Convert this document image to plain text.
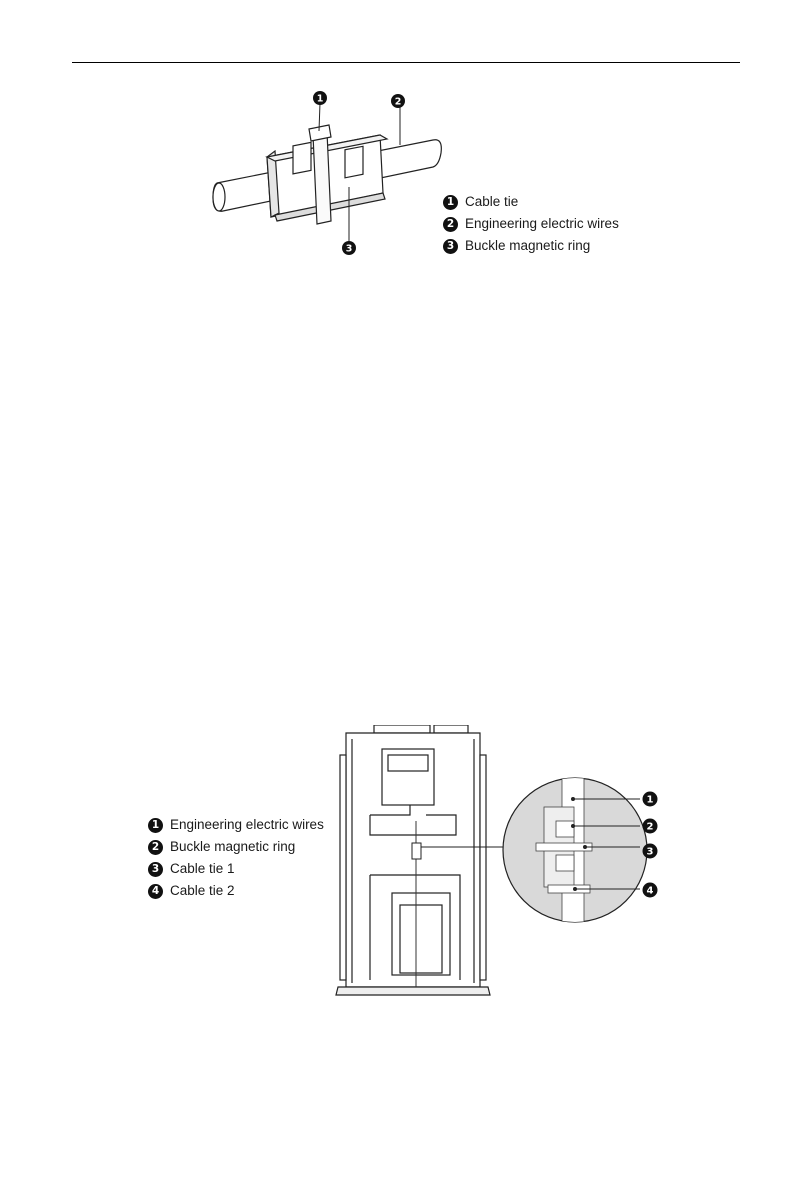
1	2
3
1 Cable tie
2 Engineering electric wires
3 Buckle magnetic ring
1 Engineering electric wires
2 Buckle magnetic ring
3 Cable tie 1
4 Cable tie 2
1
2
3
4
